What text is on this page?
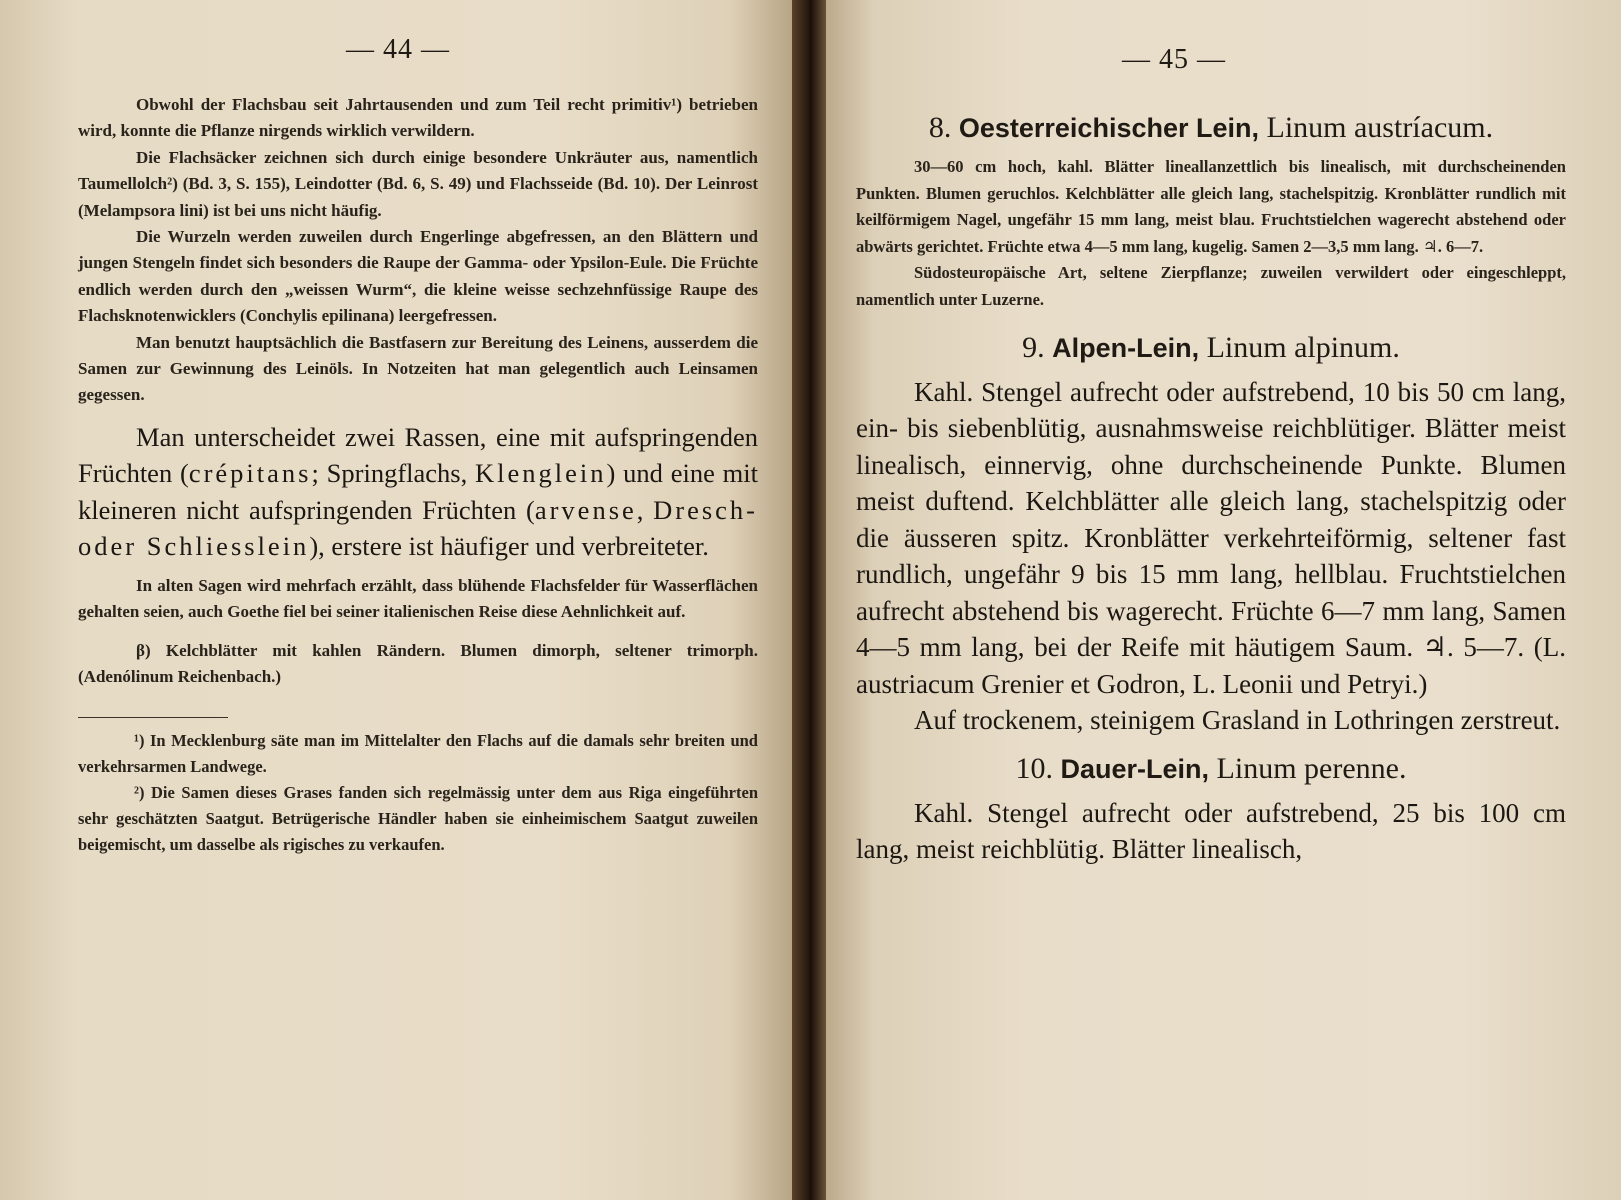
— 44 —

Obwohl der Flachsbau seit Jahrtausenden und zum Teil recht primitiv¹) betrieben wird, konnte die Pflanze nirgends wirklich verwildern.

Die Flachsäcker zeichnen sich durch einige besondere Unkräuter aus, namentlich Taumellolch²) (Bd. 3, S. 155), Leindotter (Bd. 6, S. 49) und Flachsseide (Bd. 10). Der Leinrost (Melampsora lini) ist bei uns nicht häufig.

Die Wurzeln werden zuweilen durch Engerlinge abgefressen, an den Blättern und jungen Stengeln findet sich besonders die Raupe der Gamma- oder Ypsilon-Eule. Die Früchte endlich werden durch den „weissen Wurm“, die kleine weisse sechzehnfüssige Raupe des Flachsknotenwicklers (Conchylis epilinana) leergefressen.

Man benutzt hauptsächlich die Bastfasern zur Bereitung des Leinens, ausserdem die Samen zur Gewinnung des Leinöls. In Notzeiten hat man gelegentlich auch Leinsamen gegessen.

Man unterscheidet zwei Rassen, eine mit aufspringenden Früchten (crépitans; Springflachs, Klenglein) und eine mit kleineren nicht aufspringenden Früchten (arvense, Dresch- oder Schliesslein), erstere ist häufiger und verbreiteter.

In alten Sagen wird mehrfach erzählt, dass blühende Flachsfelder für Wasserflächen gehalten seien, auch Goethe fiel bei seiner italienischen Reise diese Aehnlichkeit auf.

β) Kelchblätter mit kahlen Rändern. Blumen dimorph, seltener trimorph. (Adenólinum Reichenbach.)

¹) In Mecklenburg säte man im Mittelalter den Flachs auf die damals sehr breiten und verkehrsarmen Landwege.

²) Die Samen dieses Grases fanden sich regelmässig unter dem aus Riga eingeführten sehr geschätzten Saatgut. Betrügerische Händler haben sie einheimischem Saatgut zuweilen beigemischt, um dasselbe als rigisches zu verkaufen.

— 45 —
8. Oesterreichischer Lein, Linum austríacum.

30—60 cm hoch, kahl. Blätter lineallanzettlich bis linealisch, mit durchscheinenden Punkten. Blumen geruchlos. Kelchblätter alle gleich lang, stachelspitzig. Kronblätter rundlich mit keilförmigem Nagel, ungefähr 15 mm lang, meist blau. Fruchtstielchen wagerecht abstehend oder abwärts gerichtet. Früchte etwa 4—5 mm lang, kugelig. Samen 2—3,5 mm lang. ♃. 6—7.

Südosteuropäische Art, seltene Zierpflanze; zuweilen verwildert oder eingeschleppt, namentlich unter Luzerne.

9. Alpen-Lein, Linum alpinum.

Kahl. Stengel aufrecht oder aufstrebend, 10 bis 50 cm lang, ein- bis siebenblütig, ausnahmsweise reichblütiger. Blätter meist linealisch, einnervig, ohne durchscheinende Punkte. Blumen meist duftend. Kelchblätter alle gleich lang, stachelspitzig oder die äusseren spitz. Kronblätter verkehrteiförmig, seltener fast rundlich, ungefähr 9 bis 15 mm lang, hellblau. Fruchtstielchen aufrecht abstehend bis wagerecht. Früchte 6—7 mm lang, Samen 4—5 mm lang, bei der Reife mit häutigem Saum. ♃. 5—7. (L. austriacum Grenier et Godron, L. Leonii und Petryi.)

Auf trockenem, steinigem Grasland in Lothringen zerstreut.

10. Dauer-Lein, Linum perenne.

Kahl. Stengel aufrecht oder aufstrebend, 25 bis 100 cm lang, meist reichblütig. Blätter linealisch,
